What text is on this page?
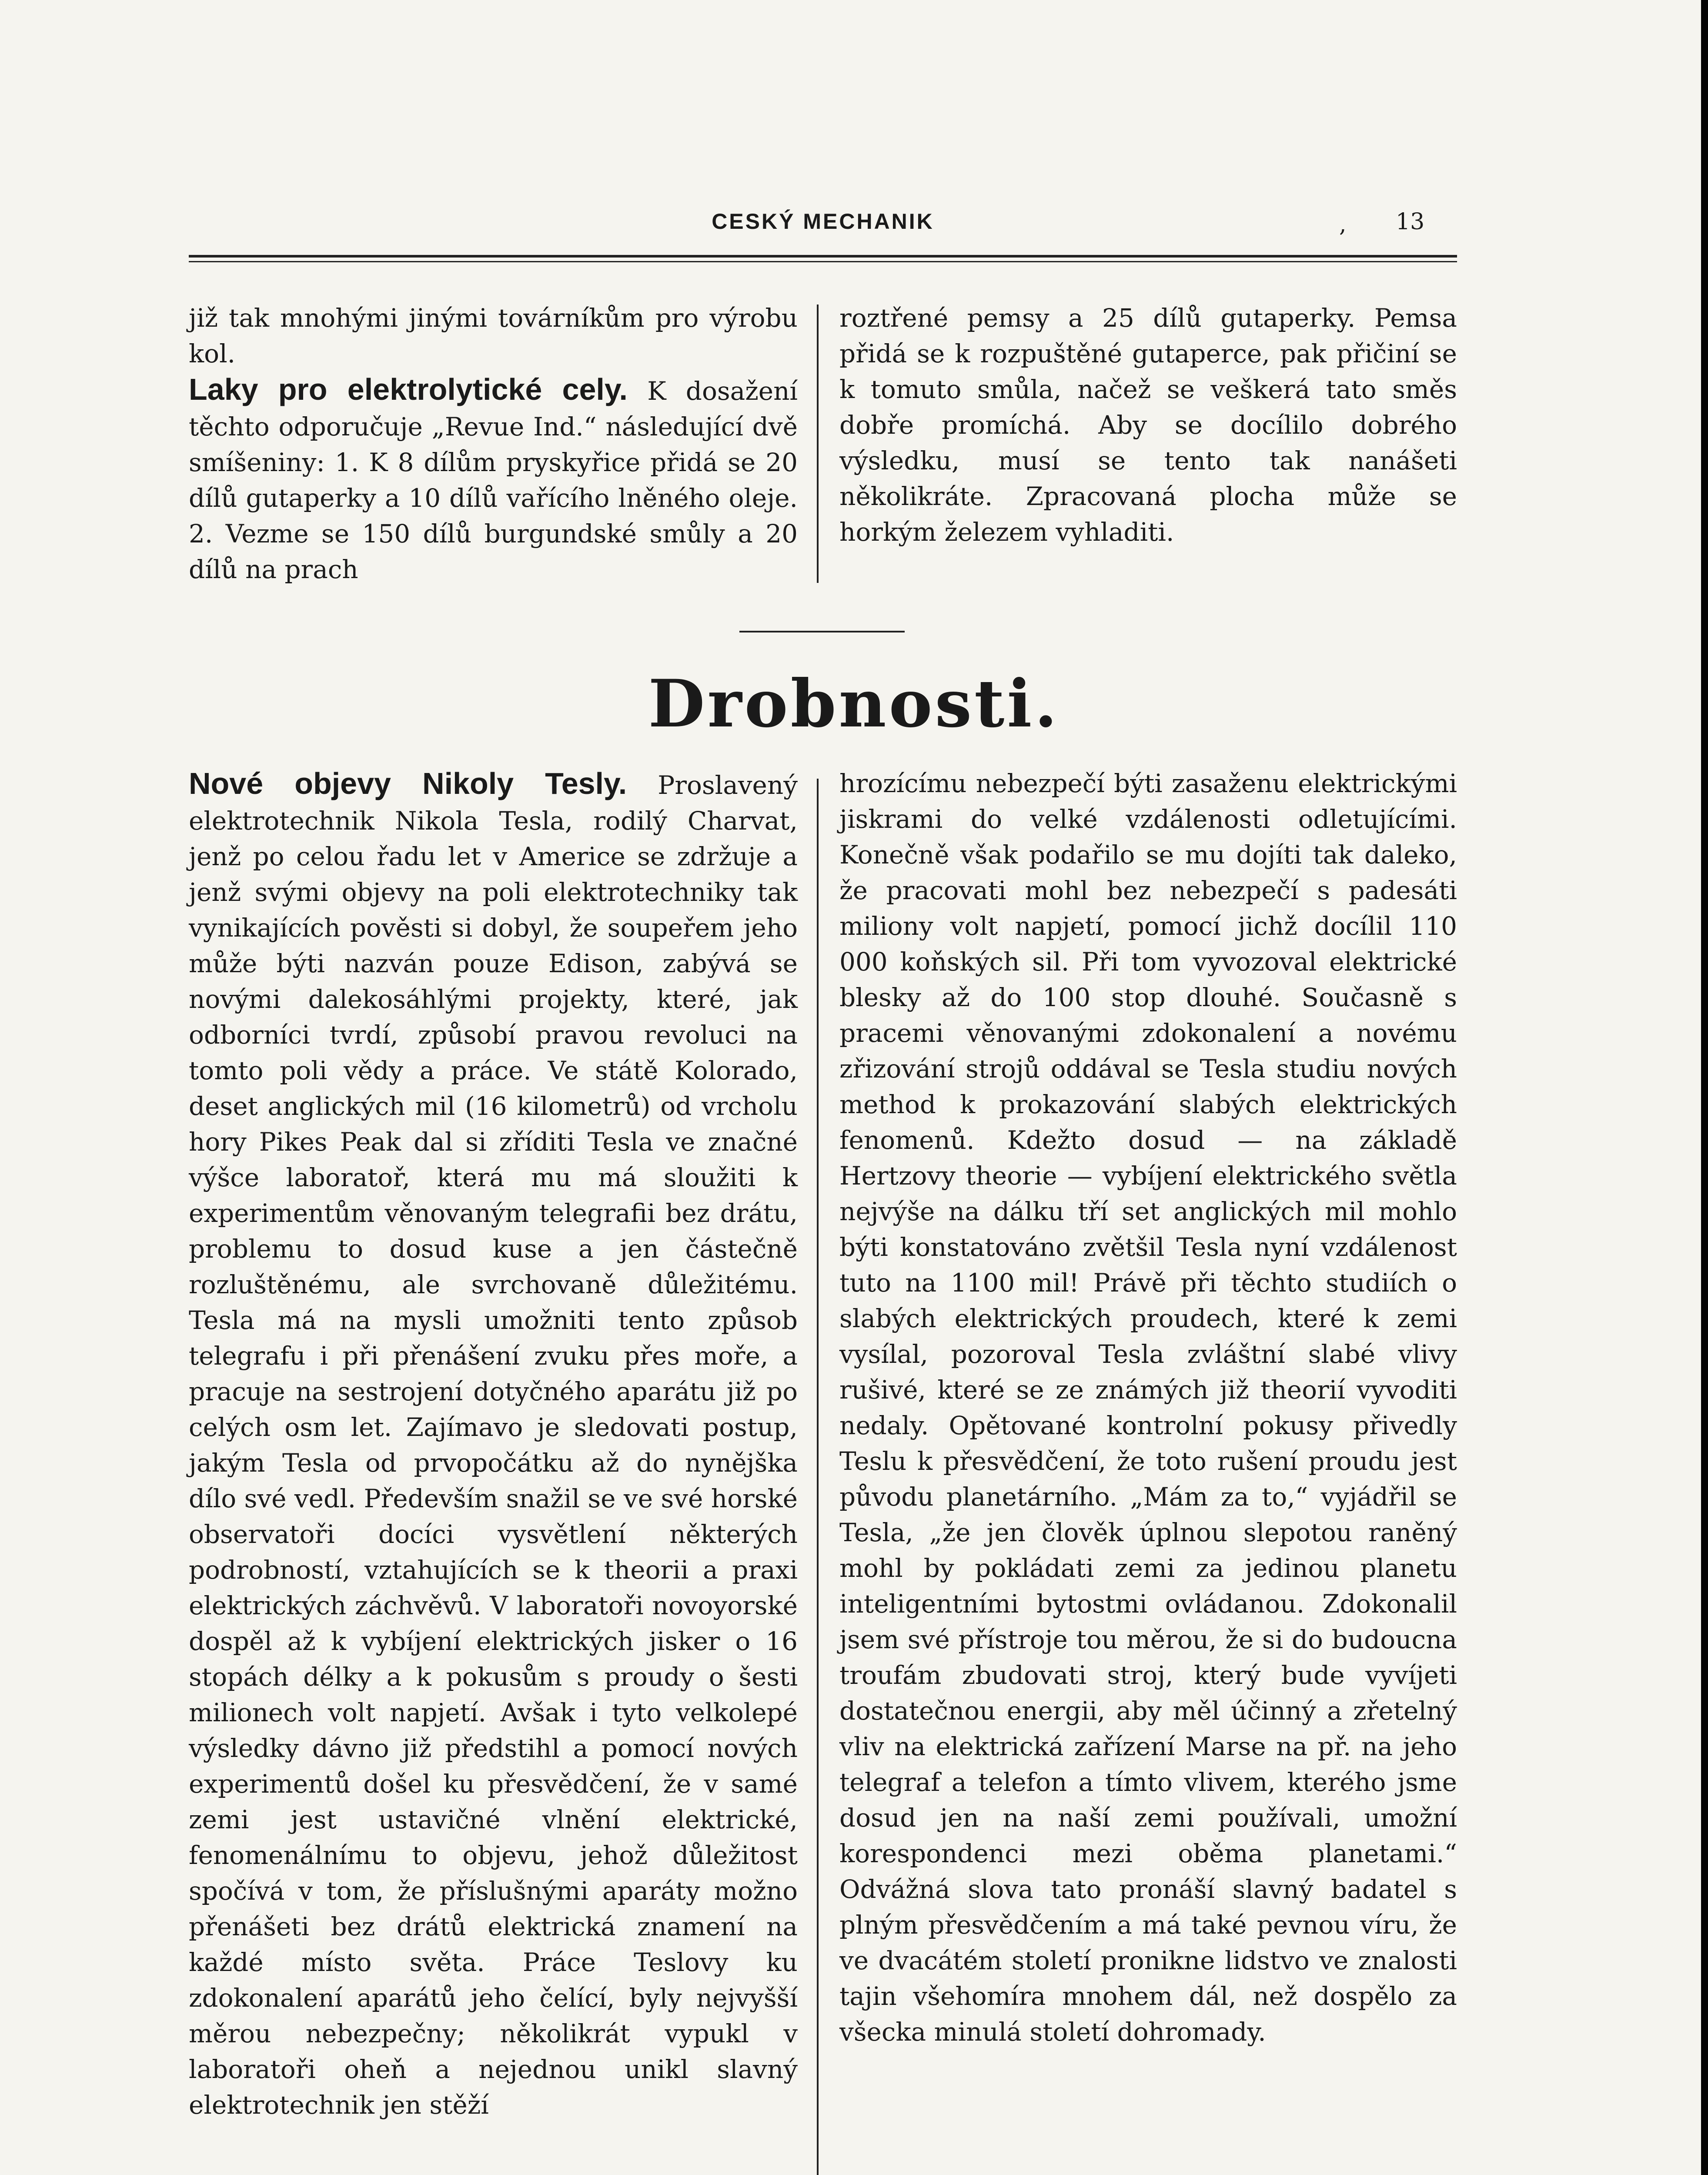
CESKÝ MECHANIK	, 13

již tak mnohými jinými továrníkům pro výrobu kol.

Laky pro elektrolytické cely. K dosažení těchto odporučuje „Revue Ind.“ následující dvě smíšeniny: 1. K 8 dílům pryskyřice přidá se 20 dílů gutaperky a 10 dílů vařícího lněného oleje. 2. Vezme se 150 dílů burgundské smůly a 20 dílů na prach

roztřené pemsy a 25 dílů gutaperky. Pemsa přidá se k rozpuštěné gutaperce, pak přičiní se k tomuto smůla, načež se veškerá tato směs dobře promíchá. Aby se docílilo dobrého výsledku, musí se tento tak nanášeti několikráte. Zpracovaná plocha může se horkým železem vyhladiti.

Drobnosti.

Nové objevy Nikoly Tesly. Proslavený elektrotechnik Nikola Tesla, rodilý Charvat, jenž po celou řadu let v Americe se zdržuje a jenž svými objevy na poli elektrotechniky tak vynikajících pověsti si dobyl, že soupeřem jeho může býti nazván pouze Edison, zabývá se novými dalekosáhlými projekty, které, jak odborníci tvrdí, způsobí pravou revoluci na tomto poli vědy a práce. Ve státě Kolorado, deset anglických mil (16 kilometrů) od vrcholu hory Pikes Peak dal si zříditi Tesla ve značné výšce laboratoř, která mu má sloužiti k experimentům věnovaným telegrafii bez drátu, problemu to dosud kuse a jen částečně rozluštěnému, ale svrchovaně důležitému. Tesla má na mysli umožniti tento způsob telegrafu i při přenášení zvuku přes moře, a pracuje na sestrojení dotyčného aparátu již po celých osm let. Zajímavo je sledovati postup, jakým Tesla od prvopočátku až do nynějška dílo své vedl. Především snažil se ve své horské observatoři docíci vysvětlení některých podrobností, vztahujících se k theorii a praxi elektrických záchvěvů. V laboratoři novoyorské dospěl až k vybíjení elektrických jisker o 16 stopách délky a k pokusům s proudy o šesti milionech volt napjetí. Avšak i tyto velkolepé výsledky dávno již předstihl a pomocí nových experimentů došel ku přesvědčení, že v samé zemi jest ustavičné vlnění elektrické, fenomenálnímu to objevu, jehož důležitost spočívá v tom, že příslušnými aparáty možno přenášeti bez drátů elektrická znamení na každé místo světa. Práce Teslovy ku zdokonalení aparátů jeho čelící, byly nejvyšší měrou nebezpečny; několikrát vypukl v laboratoři oheň a nejednou unikl slavný elektrotechnik jen stěží

hrozícímu nebezpečí býti zasaženu elektrickými jiskrami do velké vzdálenosti odletujícími. Konečně však podařilo se mu dojíti tak daleko, že pracovati mohl bez nebezpečí s padesáti miliony volt napjetí, pomocí jichž docílil 110 000 koňských sil. Při tom vyvozoval elektrické blesky až do 100 stop dlouhé. Současně s pracemi věnovanými zdokonalení a novému zřizování strojů oddával se Tesla studiu nových method k prokazování slabých elektrických fenomenů. Kdežto dosud — na základě Hertzovy theorie — vybíjení elektrického světla nejvýše na dálku tří set anglických mil mohlo býti konstatováno zvětšil Tesla nyní vzdálenost tuto na 1100 mil! Právě při těchto studiích o slabých elektrických proudech, které k zemi vysílal, pozoroval Tesla zvláštní slabé vlivy rušivé, které se ze známých již theorií vyvoditi nedaly. Opětované kontrolní pokusy přivedly Teslu k přesvědčení, že toto rušení proudu jest původu planetárního. „Mám za to,“ vyjádřil se Tesla, „že jen člověk úplnou slepotou raněný mohl by pokládati zemi za jedinou planetu inteligentními bytostmi ovládanou. Zdokonalil jsem své přístroje tou měrou, že si do budoucna troufám zbudovati stroj, který bude vyvíjeti dostatečnou energii, aby měl účinný a zřetelný vliv na elektrická zařízení Marse na př. na jeho telegraf a telefon a tímto vlivem, kterého jsme dosud jen na naší zemi používali, umožní korespondenci mezi oběma planetami.“ Odvážná slova tato pronáší slavný badatel s plným přesvědčením a má také pevnou víru, že ve dvacátém století pronikne lidstvo ve znalosti tajin všehomíra mnohem dál, než dospělo za všecka minulá století dohromady.
